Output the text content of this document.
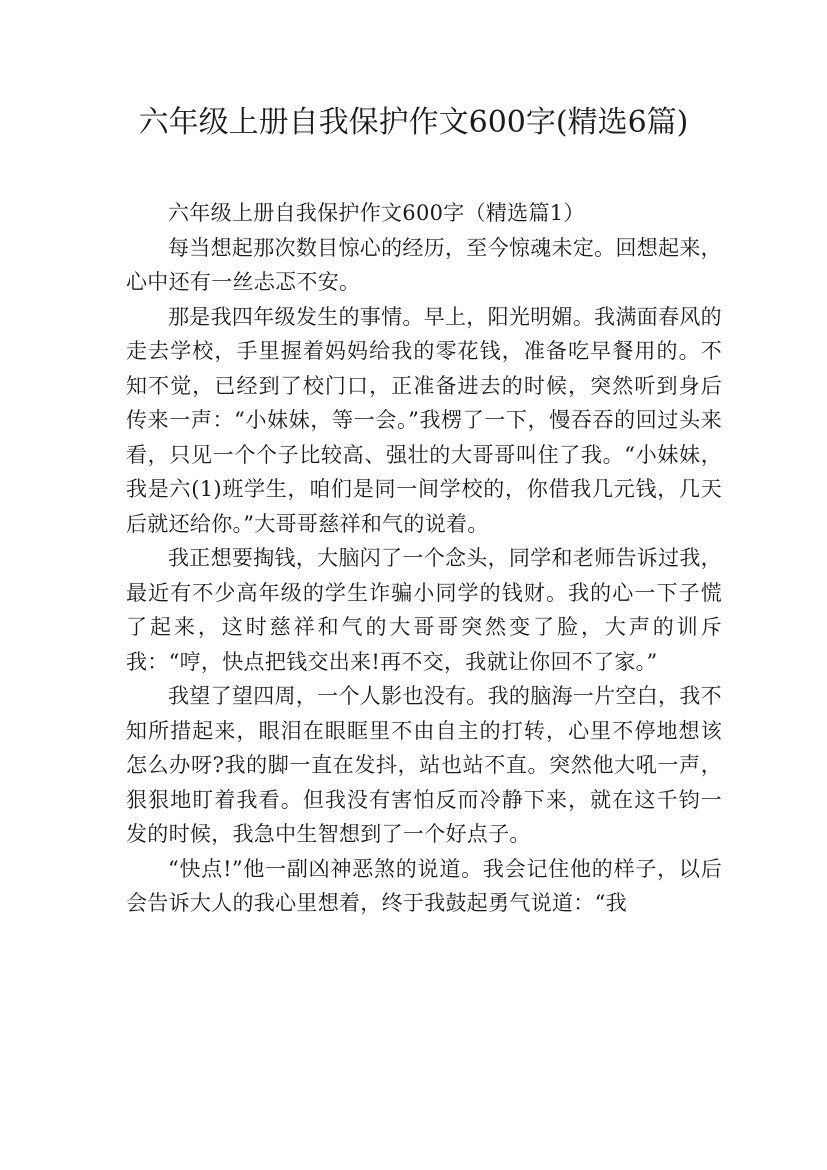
六年级上册自我保护作文600字(精选6篇)

六年级上册自我保护作文600字（精选篇1）

每当想起那次数目惊心的经历，至今惊魂未定。回想起来，心中还有一丝忐忑不安。

那是我四年级发生的事情。早上，阳光明媚。我满面春风的走去学校，手里握着妈妈给我的零花钱，准备吃早餐用的。不知不觉，已经到了校门口，正准备进去的时候，突然听到身后传来一声：“小妹妹，等一会。”我楞了一下，慢吞吞的回过头来看，只见一个个子比较高、强壮的大哥哥叫住了我。“小妹妹，我是六(1)班学生，咱们是同一间学校的，你借我几元钱，几天后就还给你。”大哥哥慈祥和气的说着。

我正想要掏钱，大脑闪了一个念头，同学和老师告诉过我，最近有不少高年级的学生诈骗小同学的钱财。我的心一下子慌了起来，这时慈祥和气的大哥哥突然变了脸，大声的训斥我：“哼，快点把钱交出来!再不交，我就让你回不了家。”

我望了望四周，一个人影也没有。我的脑海一片空白，我不知所措起来，眼泪在眼眶里不由自主的打转，心里不停地想该怎么办呀?我的脚一直在发抖，站也站不直。突然他大吼一声，狠狠地盯着我看。但我没有害怕反而冷静下来，就在这千钧一发的时候，我急中生智想到了一个好点子。

“快点!”他一副凶神恶煞的说道。我会记住他的样子，以后会告诉大人的我心里想着，终于我鼓起勇气说道：“我
